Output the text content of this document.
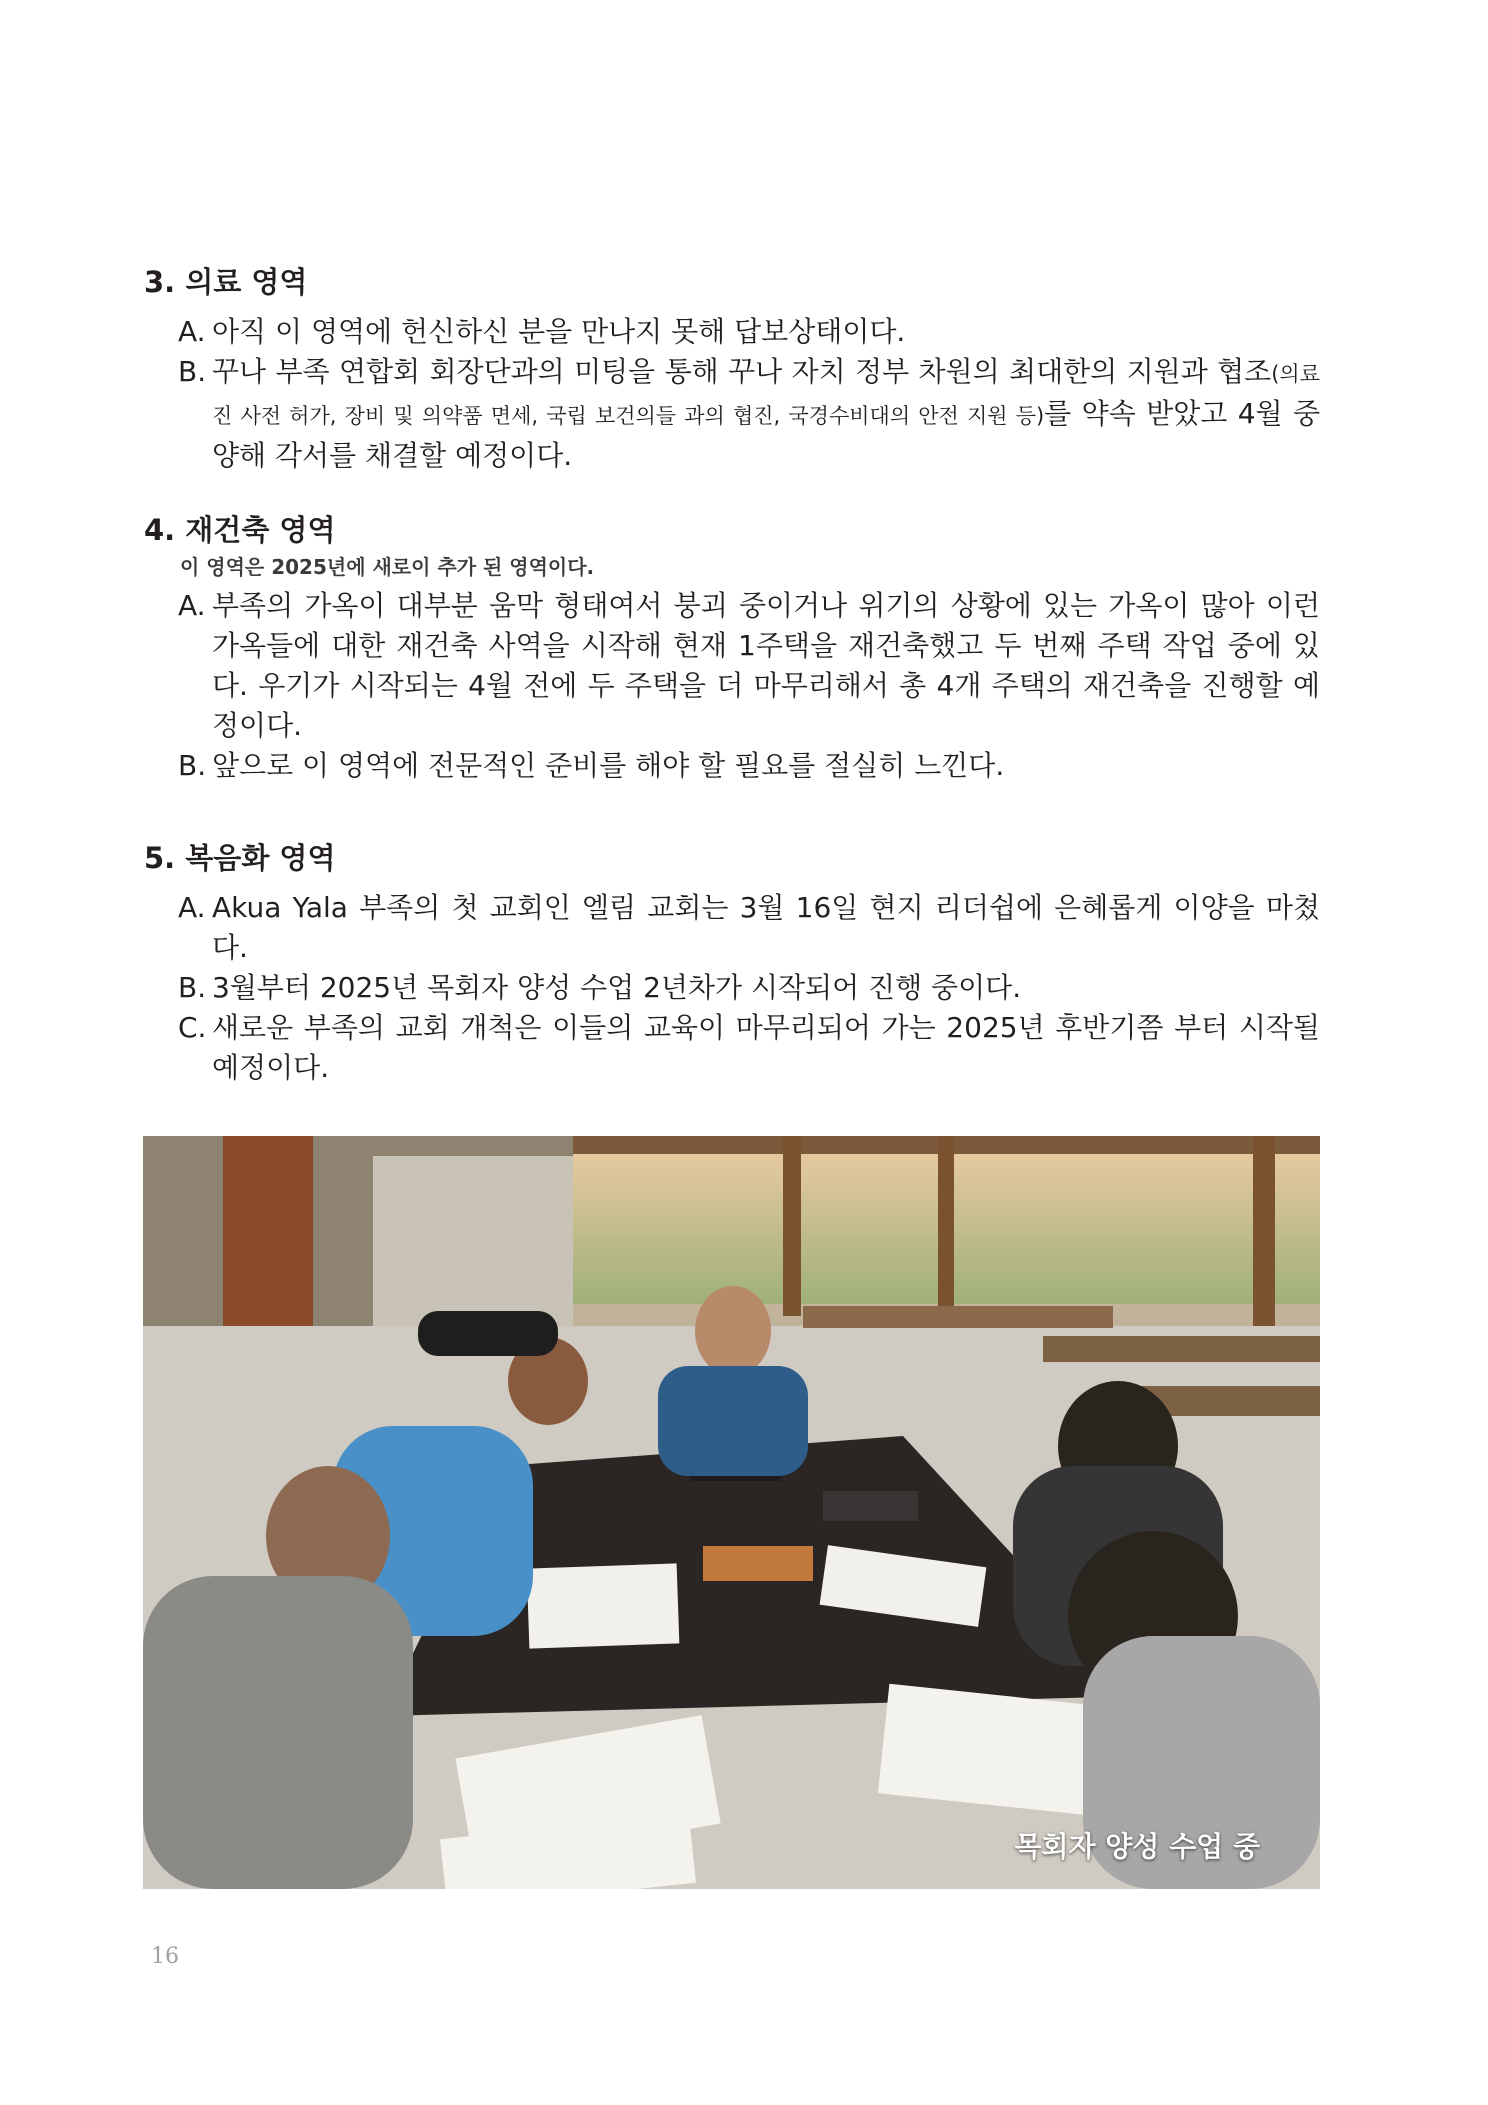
3. 의료 영역
A. 아직 이 영역에 헌신하신 분을 만나지 못해 답보상태이다.
B. 꾸나 부족 연합회 회장단과의 미팅을 통해 꾸나 자치 정부 차원의 최대한의 지원과 협조(의료진 사전 허가, 장비 및 의약품 면세, 국립 보건의들 과의 협진, 국경수비대의 안전 지원 등)를 약속 받았고 4월 중양해 각서를 채결할 예정이다.
4. 재건축 영역
이 영역은 2025년에 새로이 추가 된 영역이다.
A. 부족의 가옥이 대부분 움막 형태여서 붕괴 중이거나 위기의 상황에 있는 가옥이 많아 이런 가옥들에 대한 재건축 사역을 시작해 현재 1주택을 재건축했고 두 번째 주택 작업 중에 있다. 우기가 시작되는 4월 전에 두 주택을 더 마무리해서 총 4개 주택의 재건축을 진행할 예정이다.
B. 앞으로 이 영역에 전문적인 준비를 해야 할 필요를 절실히 느낀다.
5. 복음화 영역
A. Akua Yala 부족의 첫 교회인 엘림 교회는 3월 16일 현지 리더쉽에 은혜롭게 이양을 마쳤다.
B. 3월부터 2025년 목회자 양성 수업 2년차가 시작되어 진행 중이다.
C. 새로운 부족의 교회 개척은 이들의 교육이 마무리되어 가는 2025년 후반기쯤 부터 시작될 예정이다.
목회자 양성 수업 중
16
